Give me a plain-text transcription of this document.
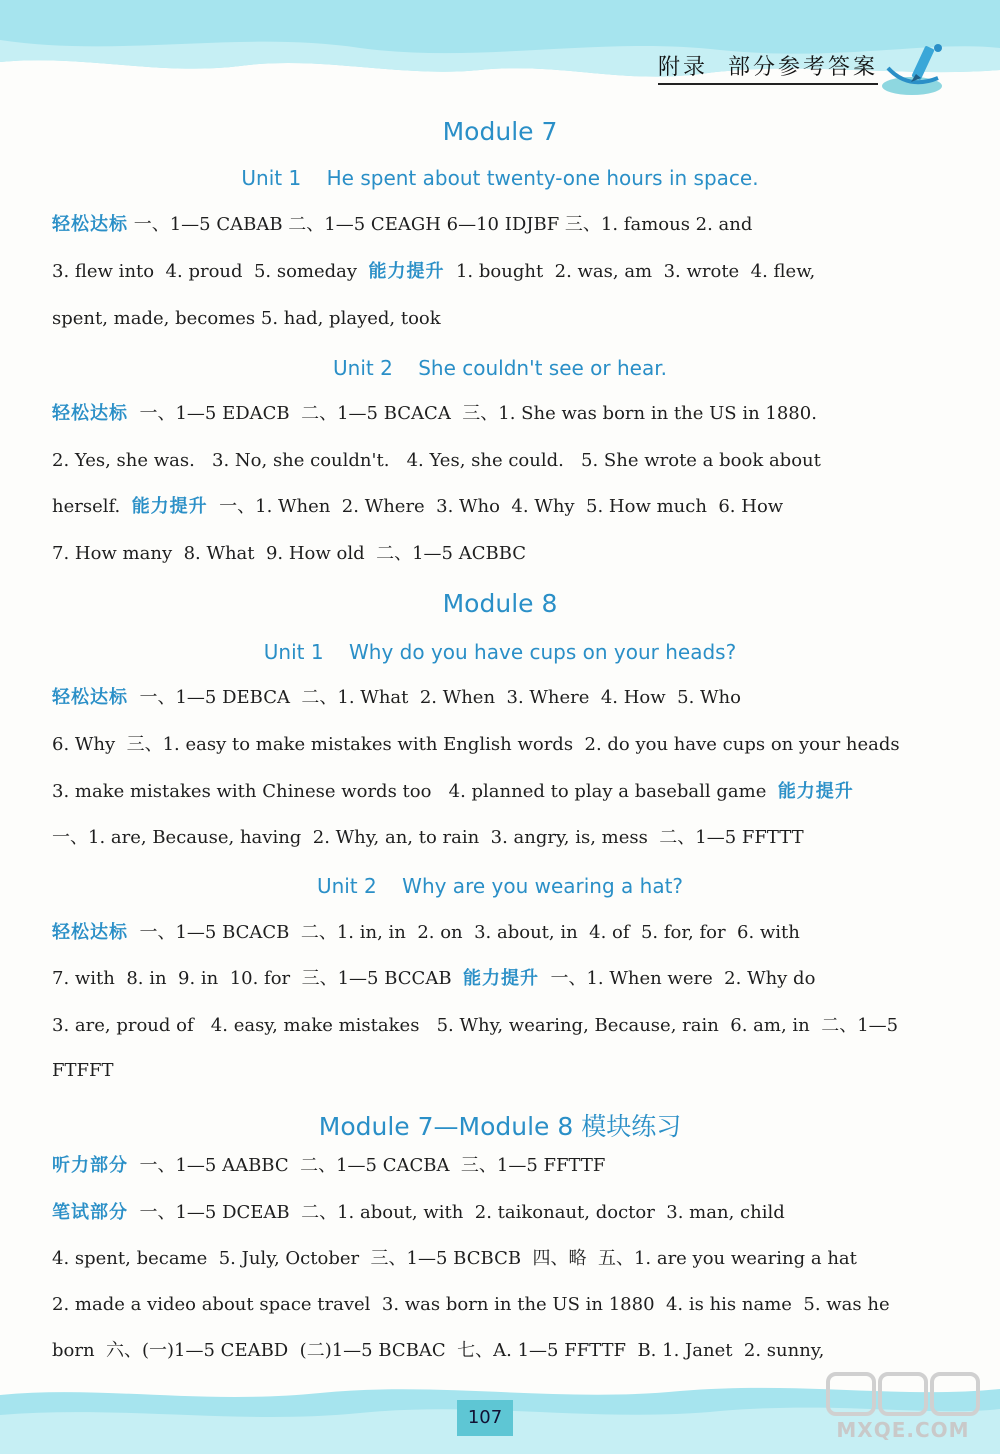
附录 部分参考答案
Module 7
Unit 1    He spent about twenty-one hours in space.
轻松达标 一、1—5 CABAB 二、1—5 CEAGH 6—10 IDJBF 三、1. famous 2. and
3. flew into  4. proud  5. someday  能力提升  1. bought  2. was, am  3. wrote  4. flew,
spent, made, becomes 5. had, played, took
Unit 2    She couldn't see or hear.
轻松达标  一、1—5 EDACB  二、1—5 BCACA  三、1. She was born in the US in 1880.
2. Yes, she was.   3. No, she couldn't.   4. Yes, she could.   5. She wrote a book about
herself.  能力提升  一、1. When  2. Where  3. Who  4. Why  5. How much  6. How
7. How many  8. What  9. How old  二、1—5 ACBBC
Module 8
Unit 1    Why do you have cups on your heads?
轻松达标  一、1—5 DEBCA  二、1. What  2. When  3. Where  4. How  5. Who
6. Why  三、1. easy to make mistakes with English words  2. do you have cups on your heads
3. make mistakes with Chinese words too   4. planned to play a baseball game  能力提升
一、1. are, Because, having  2. Why, an, to rain  3. angry, is, mess  二、1—5 FFTTT
Unit 2    Why are you wearing a hat?
轻松达标  一、1—5 BCACB  二、1. in, in  2. on  3. about, in  4. of  5. for, for  6. with
7. with  8. in  9. in  10. for  三、1—5 BCCAB  能力提升  一、1. When were  2. Why do
3. are, proud of   4. easy, make mistakes   5. Why, wearing, Because, rain  6. am, in  二、1—5
FTFFT
Module 7—Module 8 模块练习
听力部分  一、1—5 AABBC  二、1—5 CACBA  三、1—5 FFTTF
笔试部分  一、1—5 DCEAB  二、1. about, with  2. taikonaut, doctor  3. man, child
4. spent, became  5. July, October  三、1—5 BCBCB  四、略  五、1. are you wearing a hat
2. made a video about space travel  3. was born in the US in 1880  4. is his name  5. was he
born  六、(一)1—5 CEABD  (二)1—5 BCBAC  七、A. 1—5 FFTTF  B. 1. Janet  2. sunny,
107
MXQE.COM
